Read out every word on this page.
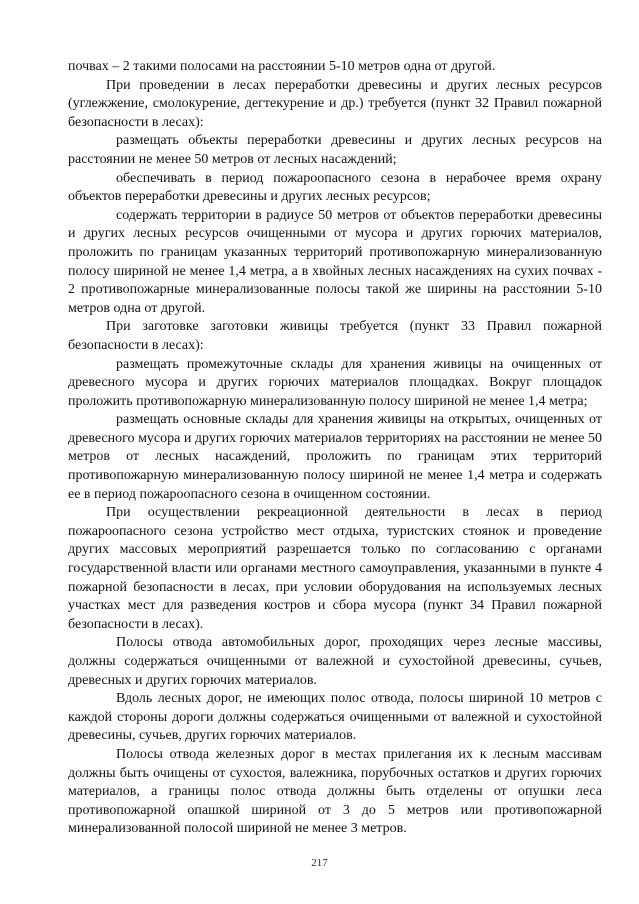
почвах – 2 такими полосами на расстоянии 5-10 метров одна от другой.

При проведении в лесах переработки древесины и других лесных ресурсов (углежжение, смолокурение, дегтекурение и др.) требуется (пункт 32 Правил пожарной безопасности в лесах):

размещать объекты переработки древесины и других лесных ресурсов на расстоянии не менее 50 метров от лесных насаждений;

обеспечивать в период пожароопасного сезона в нерабочее время охрану объектов переработки древесины и других лесных ресурсов;

содержать территории в радиусе 50 метров от объектов переработки древесины и других лесных ресурсов очищенными от мусора и других горючих материалов, проложить по границам указанных территорий противопожарную минерализованную полосу шириной не менее 1,4 метра, а в хвойных лесных насаждениях на сухих почвах - 2 противопожарные минерализованные полосы такой же ширины на расстоянии 5-10 метров одна от другой.

При заготовке заготовки живицы требуется (пункт 33 Правил пожарной безопасности в лесах):

размещать промежуточные склады для хранения живицы на очищенных от древесного мусора и других горючих материалов площадках. Вокруг площадок проложить противопожарную минерализованную полосу шириной не менее 1,4 метра;

размещать основные склады для хранения живицы на открытых, очищенных от древесного мусора и других горючих материалов территориях на расстоянии не менее 50 метров от лесных насаждений, проложить по границам этих территорий противопожарную минерализованную полосу шириной не менее 1,4 метра и содержать ее в период пожароопасного сезона в очищенном состоянии.

При осуществлении рекреационной деятельности в лесах в период пожароопасного сезона устройство мест отдыха, туристских стоянок и проведение других массовых мероприятий разрешается только по согласованию с органами государственной власти или органами местного самоуправления, указанными в пункте 4 пожарной безопасности в лесах, при условии оборудования на используемых лесных участках мест для разведения костров и сбора мусора (пункт 34 Правил пожарной безопасности в лесах).

Полосы отвода автомобильных дорог, проходящих через лесные массивы, должны содержаться очищенными от валежной и сухостойной древесины, сучьев, древесных и других горючих материалов.

Вдоль лесных дорог, не имеющих полос отвода, полосы шириной 10 метров с каждой стороны дороги должны содержаться очищенными от валежной и сухостойной древесины, сучьев, других горючих материалов.

Полосы отвода железных дорог в местах прилегания их к лесным массивам должны быть очищены от сухостоя, валежника, порубочных остатков и других горючих материалов, а границы полос отвода должны быть отделены от опушки леса противопожарной опашкой шириной от 3 до 5 метров или противопожарной минерализованной полосой шириной не менее 3 метров.

217
